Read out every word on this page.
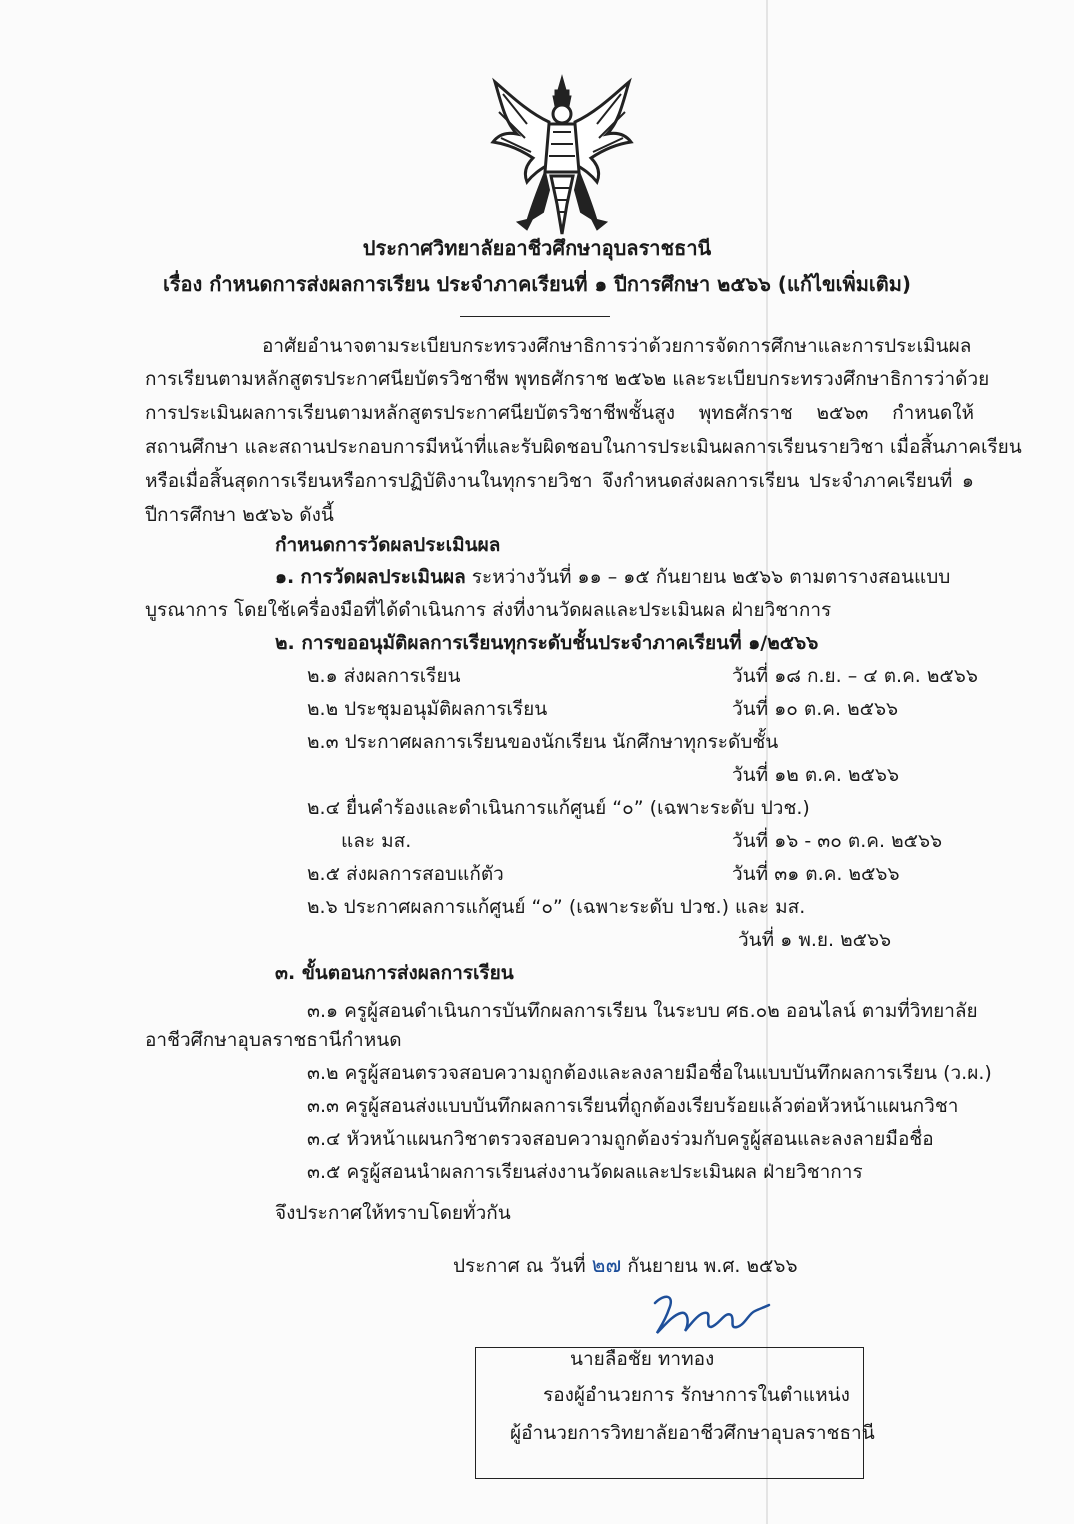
ประกาศวิทยาลัยอาชีวศึกษาอุบลราชธานี
เรื่อง กำหนดการส่งผลการเรียน ประจำภาคเรียนที่ ๑ ปีการศึกษา ๒๕๖๖ (แก้ไขเพิ่มเติม)
อาศัยอำนาจตามระเบียบกระทรวงศึกษาธิการว่าด้วยการจัดการศึกษาและการประเมินผล
การเรียนตามหลักสูตรประกาศนียบัตรวิชาชีพ พุทธศักราช ๒๕๖๒ และระเบียบกระทรวงศึกษาธิการว่าด้วย
การประเมินผลการเรียนตามหลักสูตรประกาศนียบัตรวิชาชีพชั้นสูง พุทธศักราช ๒๕๖๓ กำหนดให้
สถานศึกษา และสถานประกอบการมีหน้าที่และรับผิดชอบในการประเมินผลการเรียนรายวิชา เมื่อสิ้นภาคเรียน
หรือเมื่อสิ้นสุดการเรียนหรือการปฏิบัติงานในทุกรายวิชา จึงกำหนดส่งผลการเรียน ประจำภาคเรียนที่ ๑
ปีการศึกษา ๒๕๖๖ ดังนี้
กำหนดการวัดผลประเมินผล
๑. การวัดผลประเมินผล ระหว่างวันที่ ๑๑ – ๑๕ กันยายน ๒๕๖๖ ตามตารางสอนแบบ
บูรณาการ โดยใช้เครื่องมือที่ได้ดำเนินการ ส่งที่งานวัดผลและประเมินผล ฝ่ายวิชาการ
๒. การขออนุมัติผลการเรียนทุกระดับชั้นประจำภาคเรียนที่ ๑/๒๕๖๖
๒.๑ ส่งผลการเรียน	วันที่ ๑๘ ก.ย. – ๔ ต.ค. ๒๕๖๖
๒.๒ ประชุมอนุมัติผลการเรียน	วันที่ ๑๐ ต.ค. ๒๕๖๖
๒.๓ ประกาศผลการเรียนของนักเรียน นักศึกษาทุกระดับชั้น
วันที่ ๑๒ ต.ค. ๒๕๖๖
๒.๔ ยื่นคำร้องและดำเนินการแก้ศูนย์ “๐” (เฉพาะระดับ ปวช.)
และ มส.	วันที่ ๑๖ - ๓๐ ต.ค. ๒๕๖๖
๒.๕ ส่งผลการสอบแก้ตัว	วันที่ ๓๑ ต.ค. ๒๕๖๖
๒.๖ ประกาศผลการแก้ศูนย์ “๐” (เฉพาะระดับ ปวช.) และ มส.
วันที่ ๑ พ.ย. ๒๕๖๖
๓. ขั้นตอนการส่งผลการเรียน
๓.๑ ครูผู้สอนดำเนินการบันทึกผลการเรียน ในระบบ ศธ.๐๒ ออนไลน์ ตามที่วิทยาลัย
อาชีวศึกษาอุบลราชธานีกำหนด
๓.๒ ครูผู้สอนตรวจสอบความถูกต้องและลงลายมือชื่อในแบบบันทึกผลการเรียน (ว.ผ.)
๓.๓ ครูผู้สอนส่งแบบบันทึกผลการเรียนที่ถูกต้องเรียบร้อยแล้วต่อหัวหน้าแผนกวิชา
๓.๔ หัวหน้าแผนกวิชาตรวจสอบความถูกต้องร่วมกับครูผู้สอนและลงลายมือชื่อ
๓.๕ ครูผู้สอนนำผลการเรียนส่งงานวัดผลและประเมินผล ฝ่ายวิชาการ
จึงประกาศให้ทราบโดยทั่วกัน
ประกาศ ณ วันที่ ๒๗ กันยายน พ.ศ. ๒๕๖๖
นายลือชัย ทาทอง
รองผู้อำนวยการ รักษาการในตำแหน่ง
ผู้อำนวยการวิทยาลัยอาชีวศึกษาอุบลราชธานี
